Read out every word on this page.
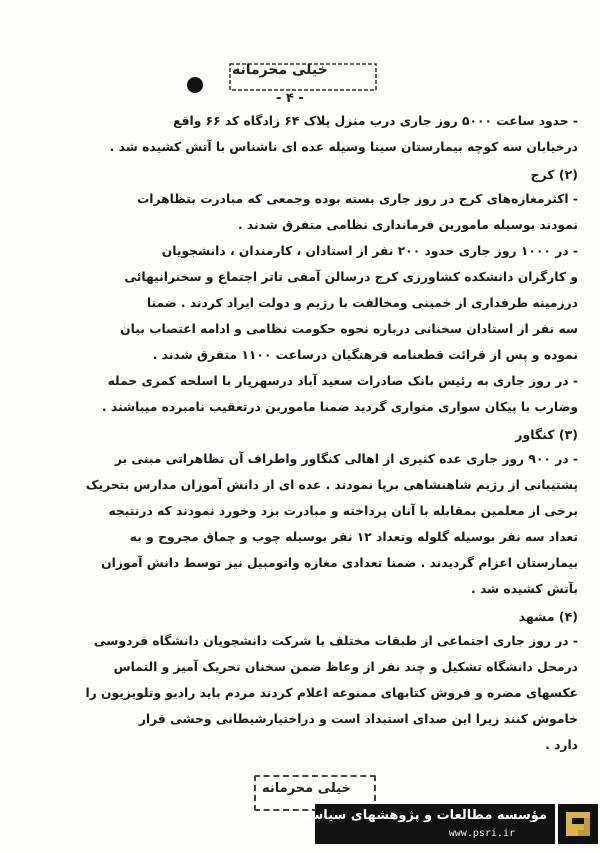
خیلی محرمانه
- ۴ -

- حدود ساعت ۵۰۰۰ روز جاری درب منزل پلاک ۶۴ زادگاه کد ۶۶ واقع

درخیابان سه کوچه بیمارستان سینا وسیله عده ای ناشناس با آتش کشیده شد .

(۲) کرج

- اکثرمغازه‌های کرج در روز جاری بسته بوده وجمعی که مبادرت بتظاهرات

نمودند بوسیله مامورین فرمانداری نظامی متفرق شدند .

- در ۱۰۰۰ روز جاری حدود ۲۰۰ نفر از استادان ، کارمندان ، دانشجویان

و کارگران دانشکده کشاورزی کرج درسالن آمفی تاتر اجتماع و سخنرانیهائی

درزمینه طرفداری از خمینی ومخالفت با رژیم و دولت ایراد کردند . ضمنا

سه نفر از استادان سخنانی درباره نحوه حکومت نظامی و ادامه اعتصاب بیان

نموده و پس از قرائت قطعنامه فرهنگیان درساعت ۱۱۰۰ متفرق شدند .

- در روز جاری به رئیس بانک صادرات سعید آباد درسهریار با اسلحه کمری حمله

وضارب با پیکان سواری متواری گردید ضمنا مامورین درتعقیب نامبرده میباشند .

(۳) کنگاور

- در ۹۰۰ روز جاری عده کثیری از اهالی کنگاور واطراف آن تظاهراتی مبنی بر

پشتیبانی از رژیم شاهنشاهی برپا نمودند . عده ای از دانش آموزان مدارس بتحریک

برخی از معلمین بمقابله با آنان پرداخته و مبادرت بزد وخورد نمودند که درنتیجه

تعداد سه نفر بوسیله گلوله وتعداد ۱۲ نفر بوسیله چوب و چماق مجروح و به

بیمارستان اعزام گردیدند . ضمنا تعدادی مغازه واتومبیل نیز توسط دانش آموزان

بآتش کشیده شد .

(۴) مشهد

- در روز جاری اجتماعی از طبقات مختلف با شرکت دانشجویان دانشگاه فردوسی

درمحل دانشگاه تشکیل و چند نفر از وعاظ ضمن سخنان تحریک آمیز و التماس

عکسهای مضره و فروش کتابهای ممنوعه اعلام کردند مردم باید رادیو وتلویزیون را

خاموش کنند زیرا این صدای استبداد است و دراختیارشیطانی وحشی قرار

دارد .

خیلی محرمانه
مؤسسه مطالعات و پژوهشهای سیاسی
www.psri.ir
